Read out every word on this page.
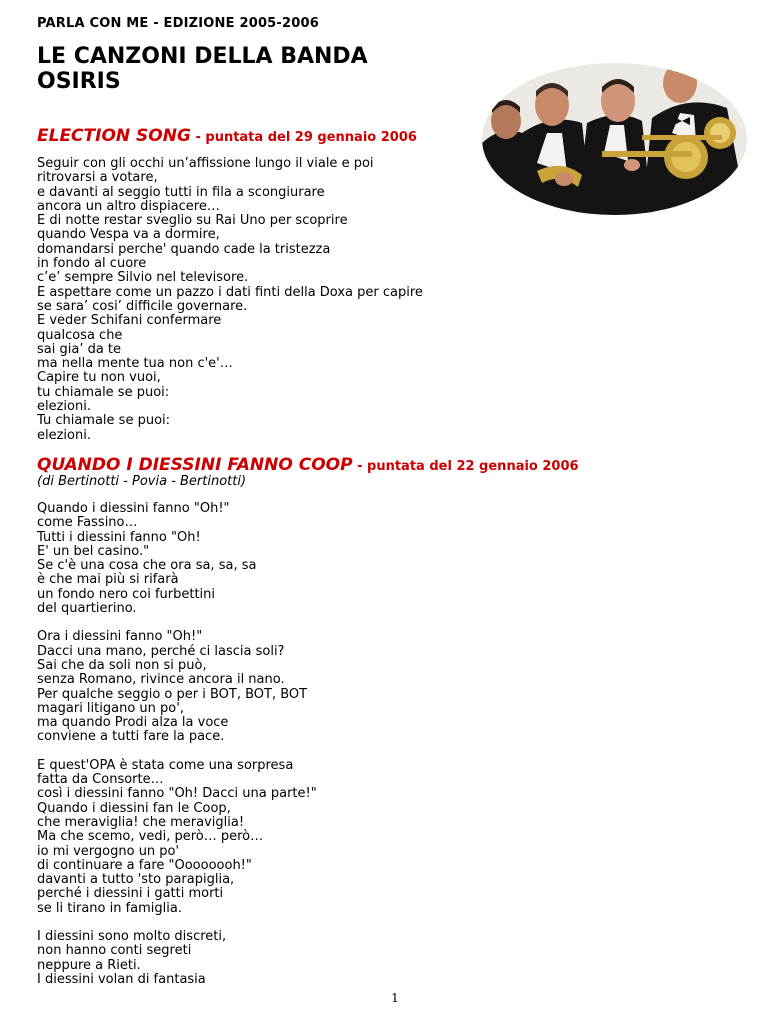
PARLA CON ME - EDIZIONE 2005-2006
LE CANZONI DELLA BANDA OSIRIS
ELECTION SONG - puntata del 29 gennaio 2006
Seguir con gli occhi un’affissione lungo il viale e poi
ritrovarsi a votare,
e davanti al seggio tutti in fila a scongiurare
ancora un altro dispiacere…
E di notte restar sveglio su Rai Uno per scoprire
quando Vespa va a dormire,
domandarsi perche' quando cade la tristezza
in fondo al cuore
c’e’ sempre Silvio nel televisore.
E aspettare come un pazzo i dati finti della Doxa per capire
se sara’ cosi’ difficile governare.
E veder Schifani confermare
qualcosa che
sai gia’ da te
ma nella mente tua non c'e'…
Capire tu non vuoi,
tu chiamale se puoi:
elezioni.
Tu chiamale se puoi:
elezioni.
QUANDO I DIESSINI FANNO COOP - puntata del 22 gennaio 2006
(di Bertinotti - Povia - Bertinotti)
Quando i diessini fanno "Oh!"
come Fassino…
Tutti i diessini fanno "Oh!
E' un bel casino."
Se c'è una cosa che ora sa, sa, sa
è che mai più si rifarà
un fondo nero coi furbettini
del quartierino.
Ora i diessini fanno "Oh!"
Dacci una mano, perché ci lascia soli?
Sai che da soli non si può,
senza Romano, rivince ancora il nano.
Per qualche seggio o per i BOT, BOT, BOT
magari litigano un po',
ma quando Prodi alza la voce
conviene a tutti fare la pace.
E quest'OPA è stata come una sorpresa
fatta da Consorte…
così i diessini fanno "Oh! Dacci una parte!"
Quando i diessini fan le Coop,
che meraviglia! che meraviglia!
Ma che scemo, vedi, però… però…
io mi vergogno un po'
di continuare a fare "Oooooooh!"
davanti a tutto 'sto parapiglia,
perché i diessini i gatti morti
se li tirano in famiglia.
I diessini sono molto discreti,
non hanno conti segreti
neppure a Rieti.
I diessini volan di fantasia
1
